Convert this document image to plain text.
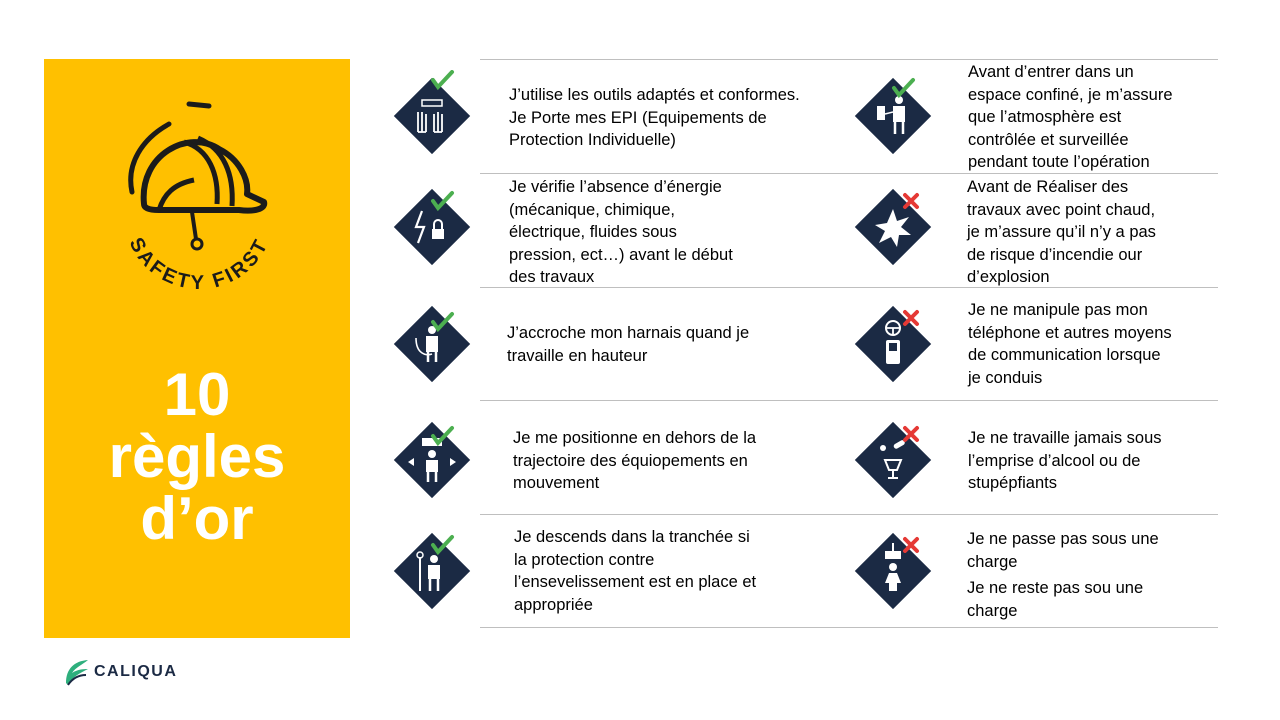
SAFETY FIRST
10
règles
d’or
J’utilise les outils adaptés et conformes.
Je Porte mes EPI (Equipements de
Protection Individuelle)
Je vérifie l’absence d’énergie
(mécanique, chimique,
électrique, fluides sous
pression, ect…) avant le début
des travaux
J’accroche mon harnais quand je
travaille en hauteur
Je me positionne en dehors de la
trajectoire des équiopements en
mouvement
Je descends dans la tranchée si
la protection contre
l’ensevelissement est en place et
appropriée
Avant d’entrer dans un
espace confiné, je m’assure
que l’atmosphère est
contrôlée et surveillée
pendant toute l’opération
Avant de Réaliser des
travaux avec point chaud,
je m’assure qu’il n’y a pas
de risque d’incendie our
d’explosion
Je ne manipule pas mon
téléphone et autres moyens
de communication lorsque
je conduis
Je ne travaille jamais sous
l’emprise d’alcool ou de
stupépfiants
Je ne passe pas sous une
charge
Je ne reste pas sou une
charge
CALIQUA
